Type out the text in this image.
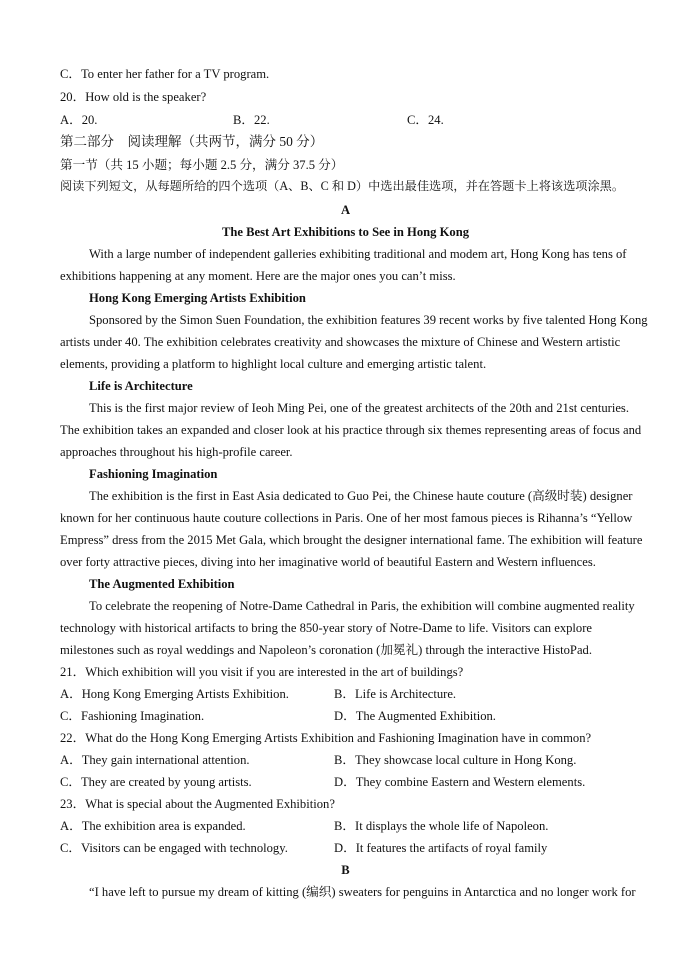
C．To enter her father for a TV program.
20．How old is the speaker?
A．20.	B．22.	C．24.
第二部分　阅读理解（共两节，满分 50 分）
第一节（共 15 小题；每小题 2.5 分，满分 37.5 分）
阅读下列短文，从每题所给的四个选项（A、B、C 和 D）中选出最佳选项，并在答题卡上将该选项涂黑。
A
The Best Art Exhibitions to See in Hong Kong
With a large number of independent galleries exhibiting traditional and modem art, Hong Kong has tens of
exhibitions happening at any moment. Here are the major ones you can’t miss.
Hong Kong Emerging Artists Exhibition
Sponsored by the Simon Suen Foundation, the exhibition features 39 recent works by five talented Hong Kong
artists under 40. The exhibition celebrates creativity and showcases the mixture of Chinese and Western artistic
elements, providing a platform to highlight local culture and emerging artistic talent.
Life is Architecture
This is the first major review of Ieoh Ming Pei, one of the greatest architects of the 20th and 21st centuries.
The exhibition takes an expanded and closer look at his practice through six themes representing areas of focus and
approaches throughout his high-profile career.
Fashioning Imagination
The exhibition is the first in East Asia dedicated to Guo Pei, the Chinese haute couture (高级时装) designer
known for her continuous haute couture collections in Paris. One of her most famous pieces is Rihanna’s “Yellow
Empress” dress from the 2015 Met Gala, which brought the designer international fame. The exhibition will feature
over forty attractive pieces, diving into her imaginative world of beautiful Eastern and Western influences.
The Augmented Exhibition
To celebrate the reopening of Notre-Dame Cathedral in Paris, the exhibition will combine augmented reality
technology with historical artifacts to bring the 850-year story of Notre-Dame to life. Visitors can explore
milestones such as royal weddings and Napoleon’s coronation (加冕礼) through the interactive HistoPad.
21．Which exhibition will you visit if you are interested in the art of buildings?
A．Hong Kong Emerging Artists Exhibition.	B．Life is Architecture.
C．Fashioning Imagination.	D．The Augmented Exhibition.
22．What do the Hong Kong Emerging Artists Exhibition and Fashioning Imagination have in common?
A．They gain international attention.	B．They showcase local culture in Hong Kong.
C．They are created by young artists.	D．They combine Eastern and Western elements.
23．What is special about the Augmented Exhibition?
A．The exhibition area is expanded.	B．It displays the whole life of Napoleon.
C．Visitors can be engaged with technology.	D．It features the artifacts of royal family
B
“I have left to pursue my dream of kitting (编织) sweaters for penguins in Antarctica and no longer work for
